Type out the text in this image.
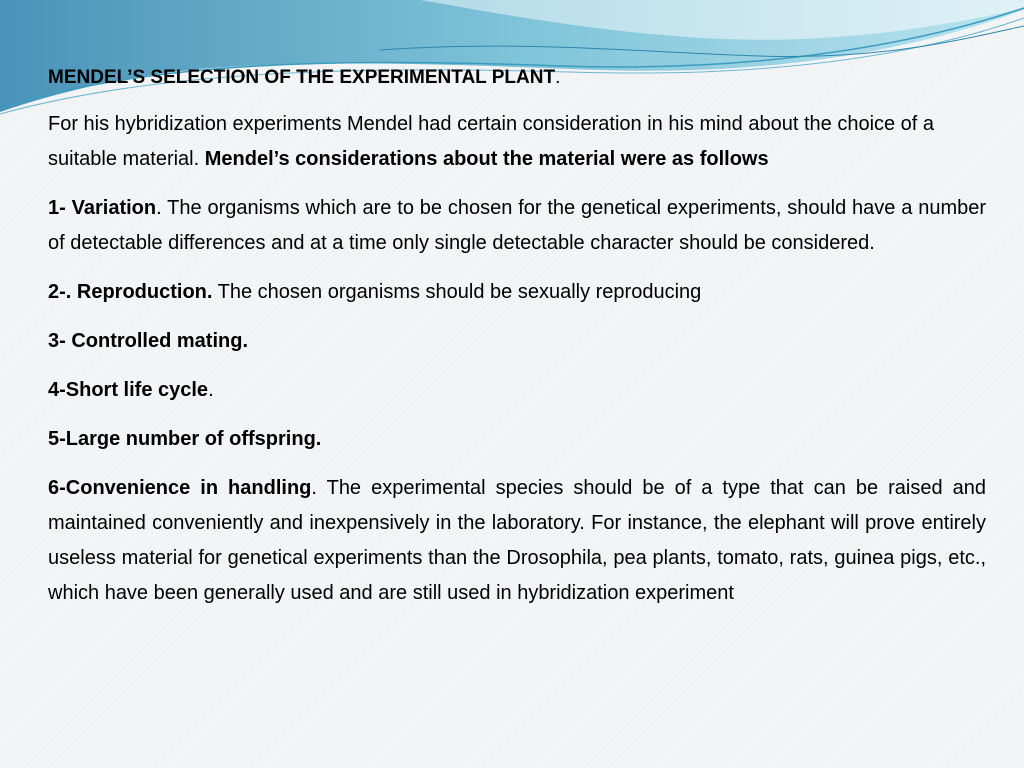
MENDEL’S SELECTION OF THE EXPERIMENTAL PLANT.

For his hybridization experiments Mendel had certain consideration in his mind about the choice of a suitable material. Mendel’s considerations about the material were as follows

1- Variation. The organisms which are to be chosen for the genetical experiments, should have a number of detectable differences and at a time only single detectable character should be considered.

2-. Reproduction. The chosen organisms should be sexually reproducing

3- Controlled mating.

4-Short life cycle.

5-Large number of offspring.

6-Convenience in handling. The experimental species should be of a type that can be raised and maintained conveniently and inexpensively in the laboratory. For instance, the elephant will prove entirely useless material for genetical experiments than the Drosophila, pea plants, tomato, rats, guinea pigs, etc., which have been generally used and are still used in hybridization experiment
